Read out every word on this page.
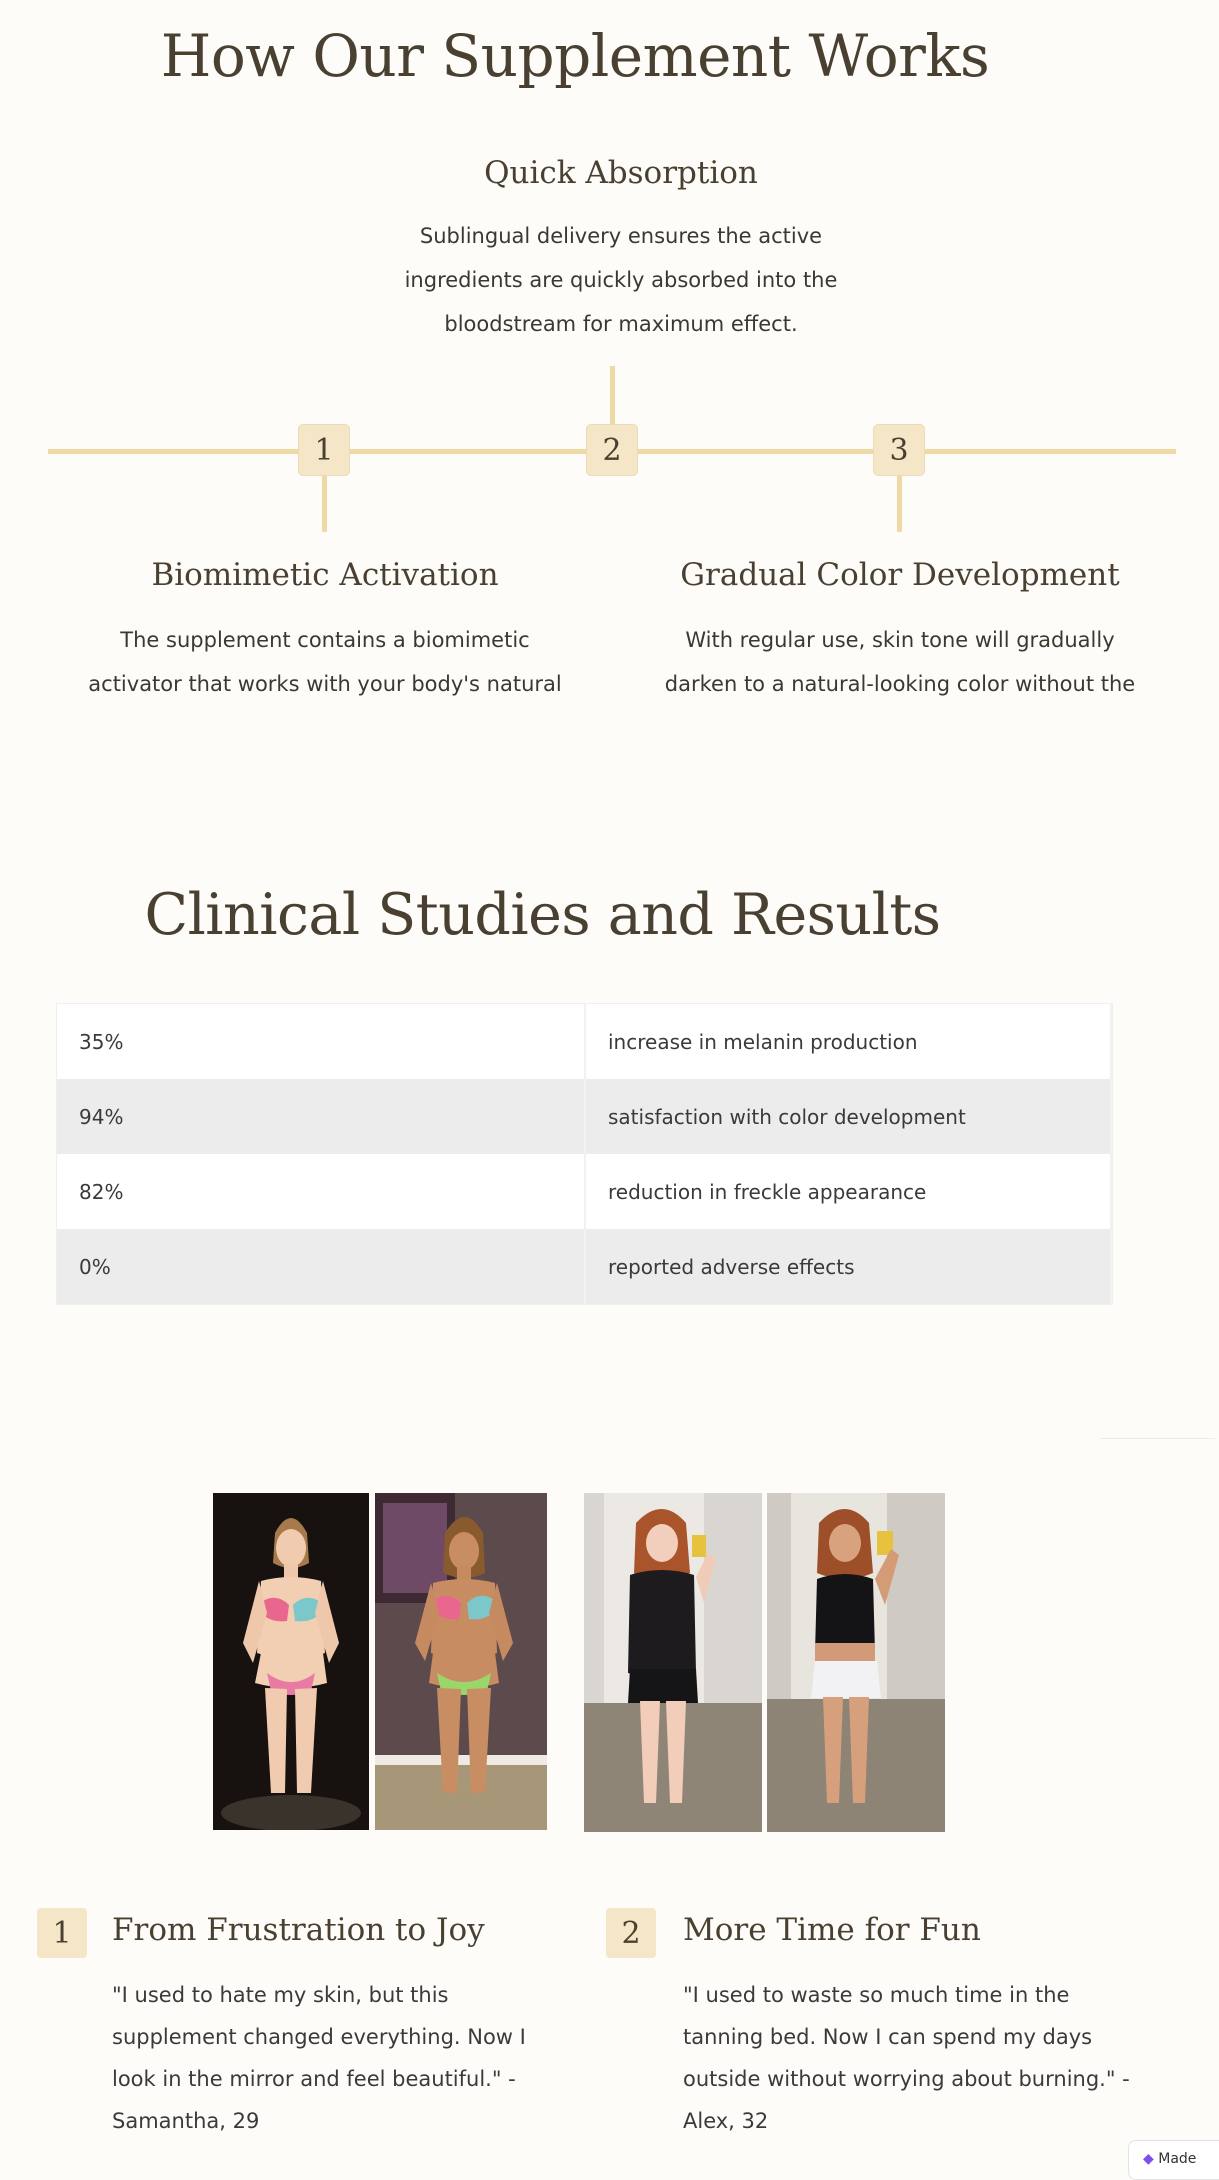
How Our Supplement Works
Quick Absorption
Sublingual delivery ensures the active
ingredients are quickly absorbed into the
bloodstream for maximum effect.
1	2	3
Biomimetic Activation
The supplement contains a biomimetic
activator that works with your body's natural
Gradual Color Development
With regular use, skin tone will gradually
darken to a natural-looking color without the
Clinical Studies and Results
35%	increase in melanin production
94%	satisfaction with color development
82%	reduction in freckle appearance
0%	reported adverse effects
1	From Frustration to Joy
"I used to hate my skin, but this
supplement changed everything. Now I
look in the mirror and feel beautiful." -
Samantha, 29
2	More Time for Fun
"I used to waste so much time in the
tanning bed. Now I can spend my days
outside without worrying about burning." -
Alex, 32
◆ Made
